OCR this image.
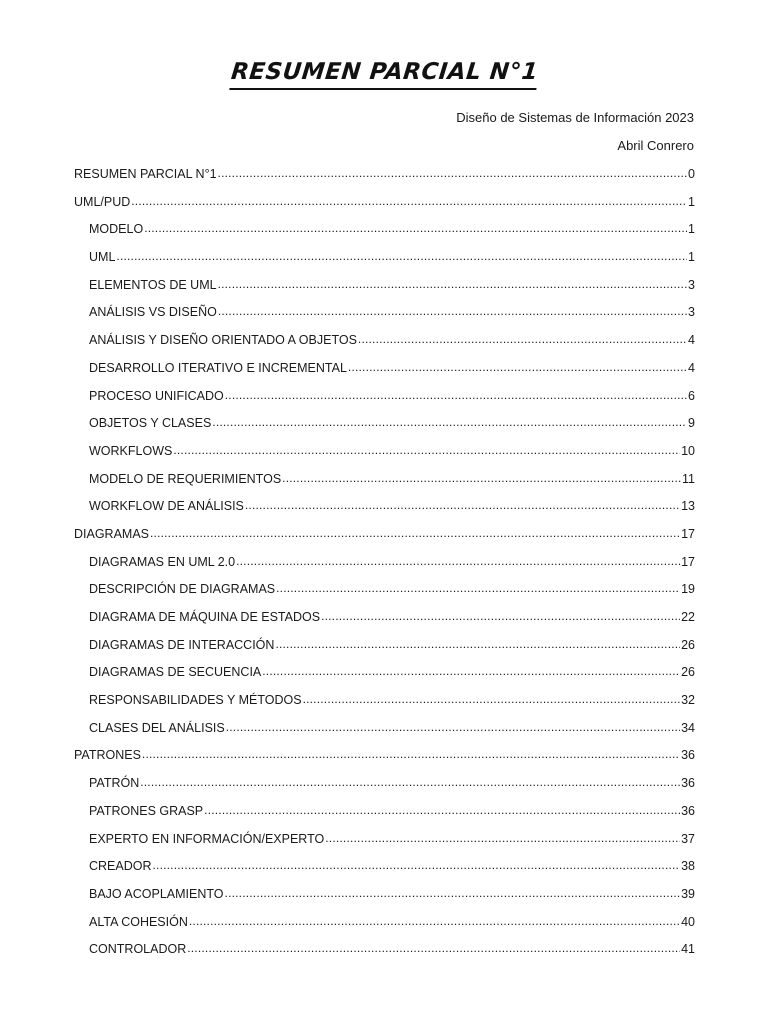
RESUMEN PARCIAL N°1
Diseño de Sistemas de Información 2023
Abril Conrero
RESUMEN PARCIAL N°1 .....	0
UML/PUD .....	1
MODELO .....	1
UML .....	1
ELEMENTOS DE UML .....	3
ANÁLISIS VS DISEÑO .....	3
ANÁLISIS Y DISEÑO ORIENTADO A OBJETOS .....	4
DESARROLLO ITERATIVO E INCREMENTAL .....	4
PROCESO UNIFICADO .....	6
OBJETOS Y CLASES .....	9
WORKFLOWS .....	10
MODELO DE REQUERIMIENTOS .....	11
WORKFLOW DE ANÁLISIS .....	13
DIAGRAMAS .....	17
DIAGRAMAS EN UML 2.0 .....	17
DESCRIPCIÓN DE DIAGRAMAS .....	19
DIAGRAMA DE MÁQUINA DE ESTADOS .....	22
DIAGRAMAS DE INTERACCIÓN .....	26
DIAGRAMAS DE SECUENCIA .....	26
RESPONSABILIDADES Y MÉTODOS .....	32
CLASES DEL ANÁLISIS .....	34
PATRONES .....	36
PATRÓN .....	36
PATRONES GRASP .....	36
EXPERTO EN INFORMACIÓN/EXPERTO .....	37
CREADOR .....	38
BAJO ACOPLAMIENTO .....	39
ALTA COHESIÓN .....	40
CONTROLADOR .....	41
